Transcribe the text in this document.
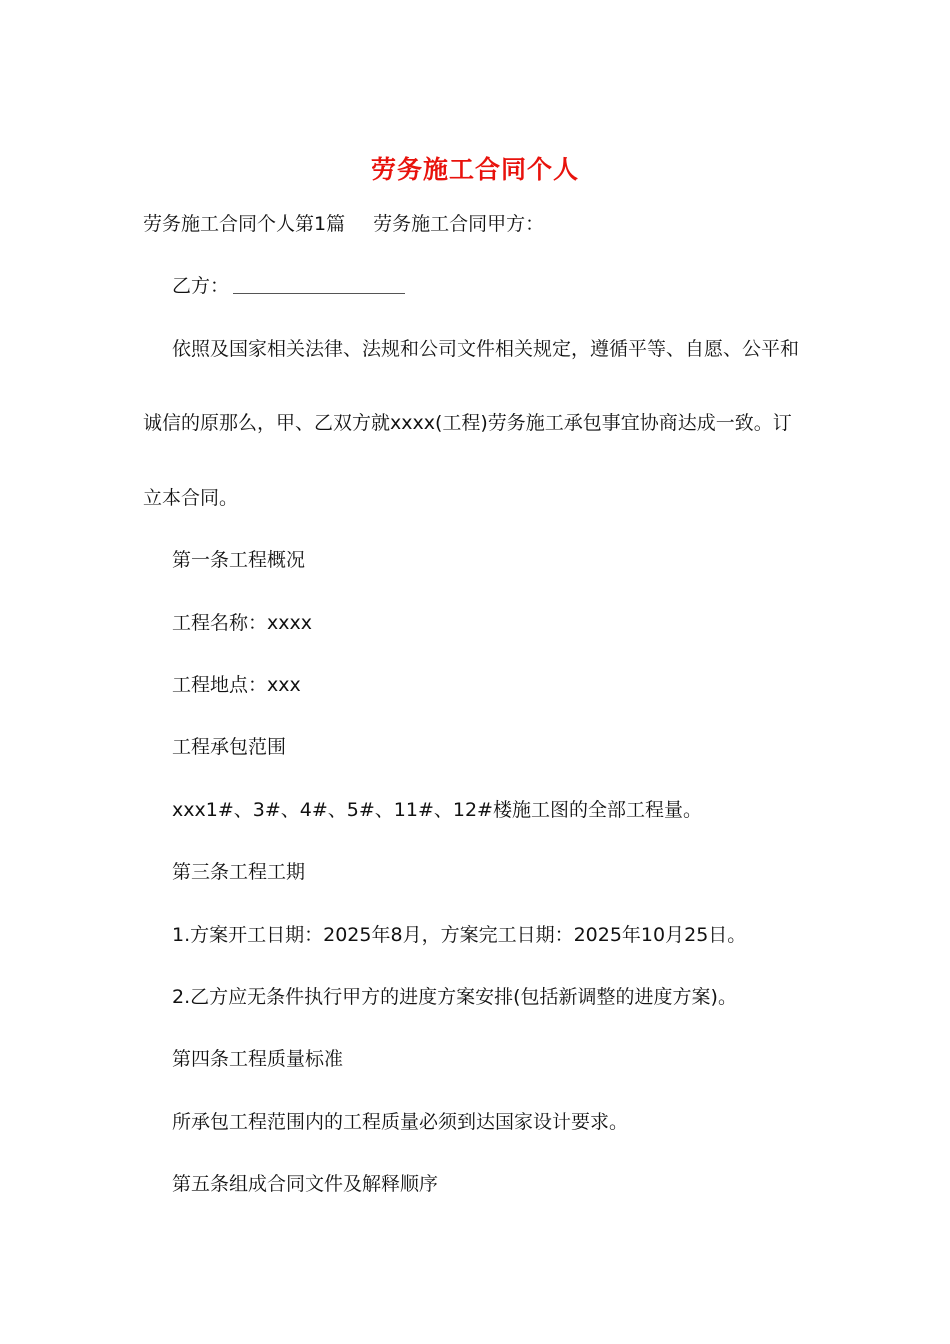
劳务施工合同个人
劳务施工合同个人第1篇 劳务施工合同甲方：
乙方：
依照及国家相关法律、法规和公司文件相关规定，遵循平等、自愿、公平和
诚信的原那么，甲、乙双方就xxxx(工程)劳务施工承包事宜协商达成一致。订
立本合同。
第一条工程概况
工程名称：xxxx
工程地点：xxx
工程承包范围
xxx1#、3#、4#、5#、11#、12#楼施工图的全部工程量。
第三条工程工期
1.方案开工日期：2025年8月，方案完工日期：2025年10月25日。
2.乙方应无条件执行甲方的进度方案安排(包括新调整的进度方案)。
第四条工程质量标准
所承包工程范围内的工程质量必须到达国家设计要求。
第五条组成合同文件及解释顺序
